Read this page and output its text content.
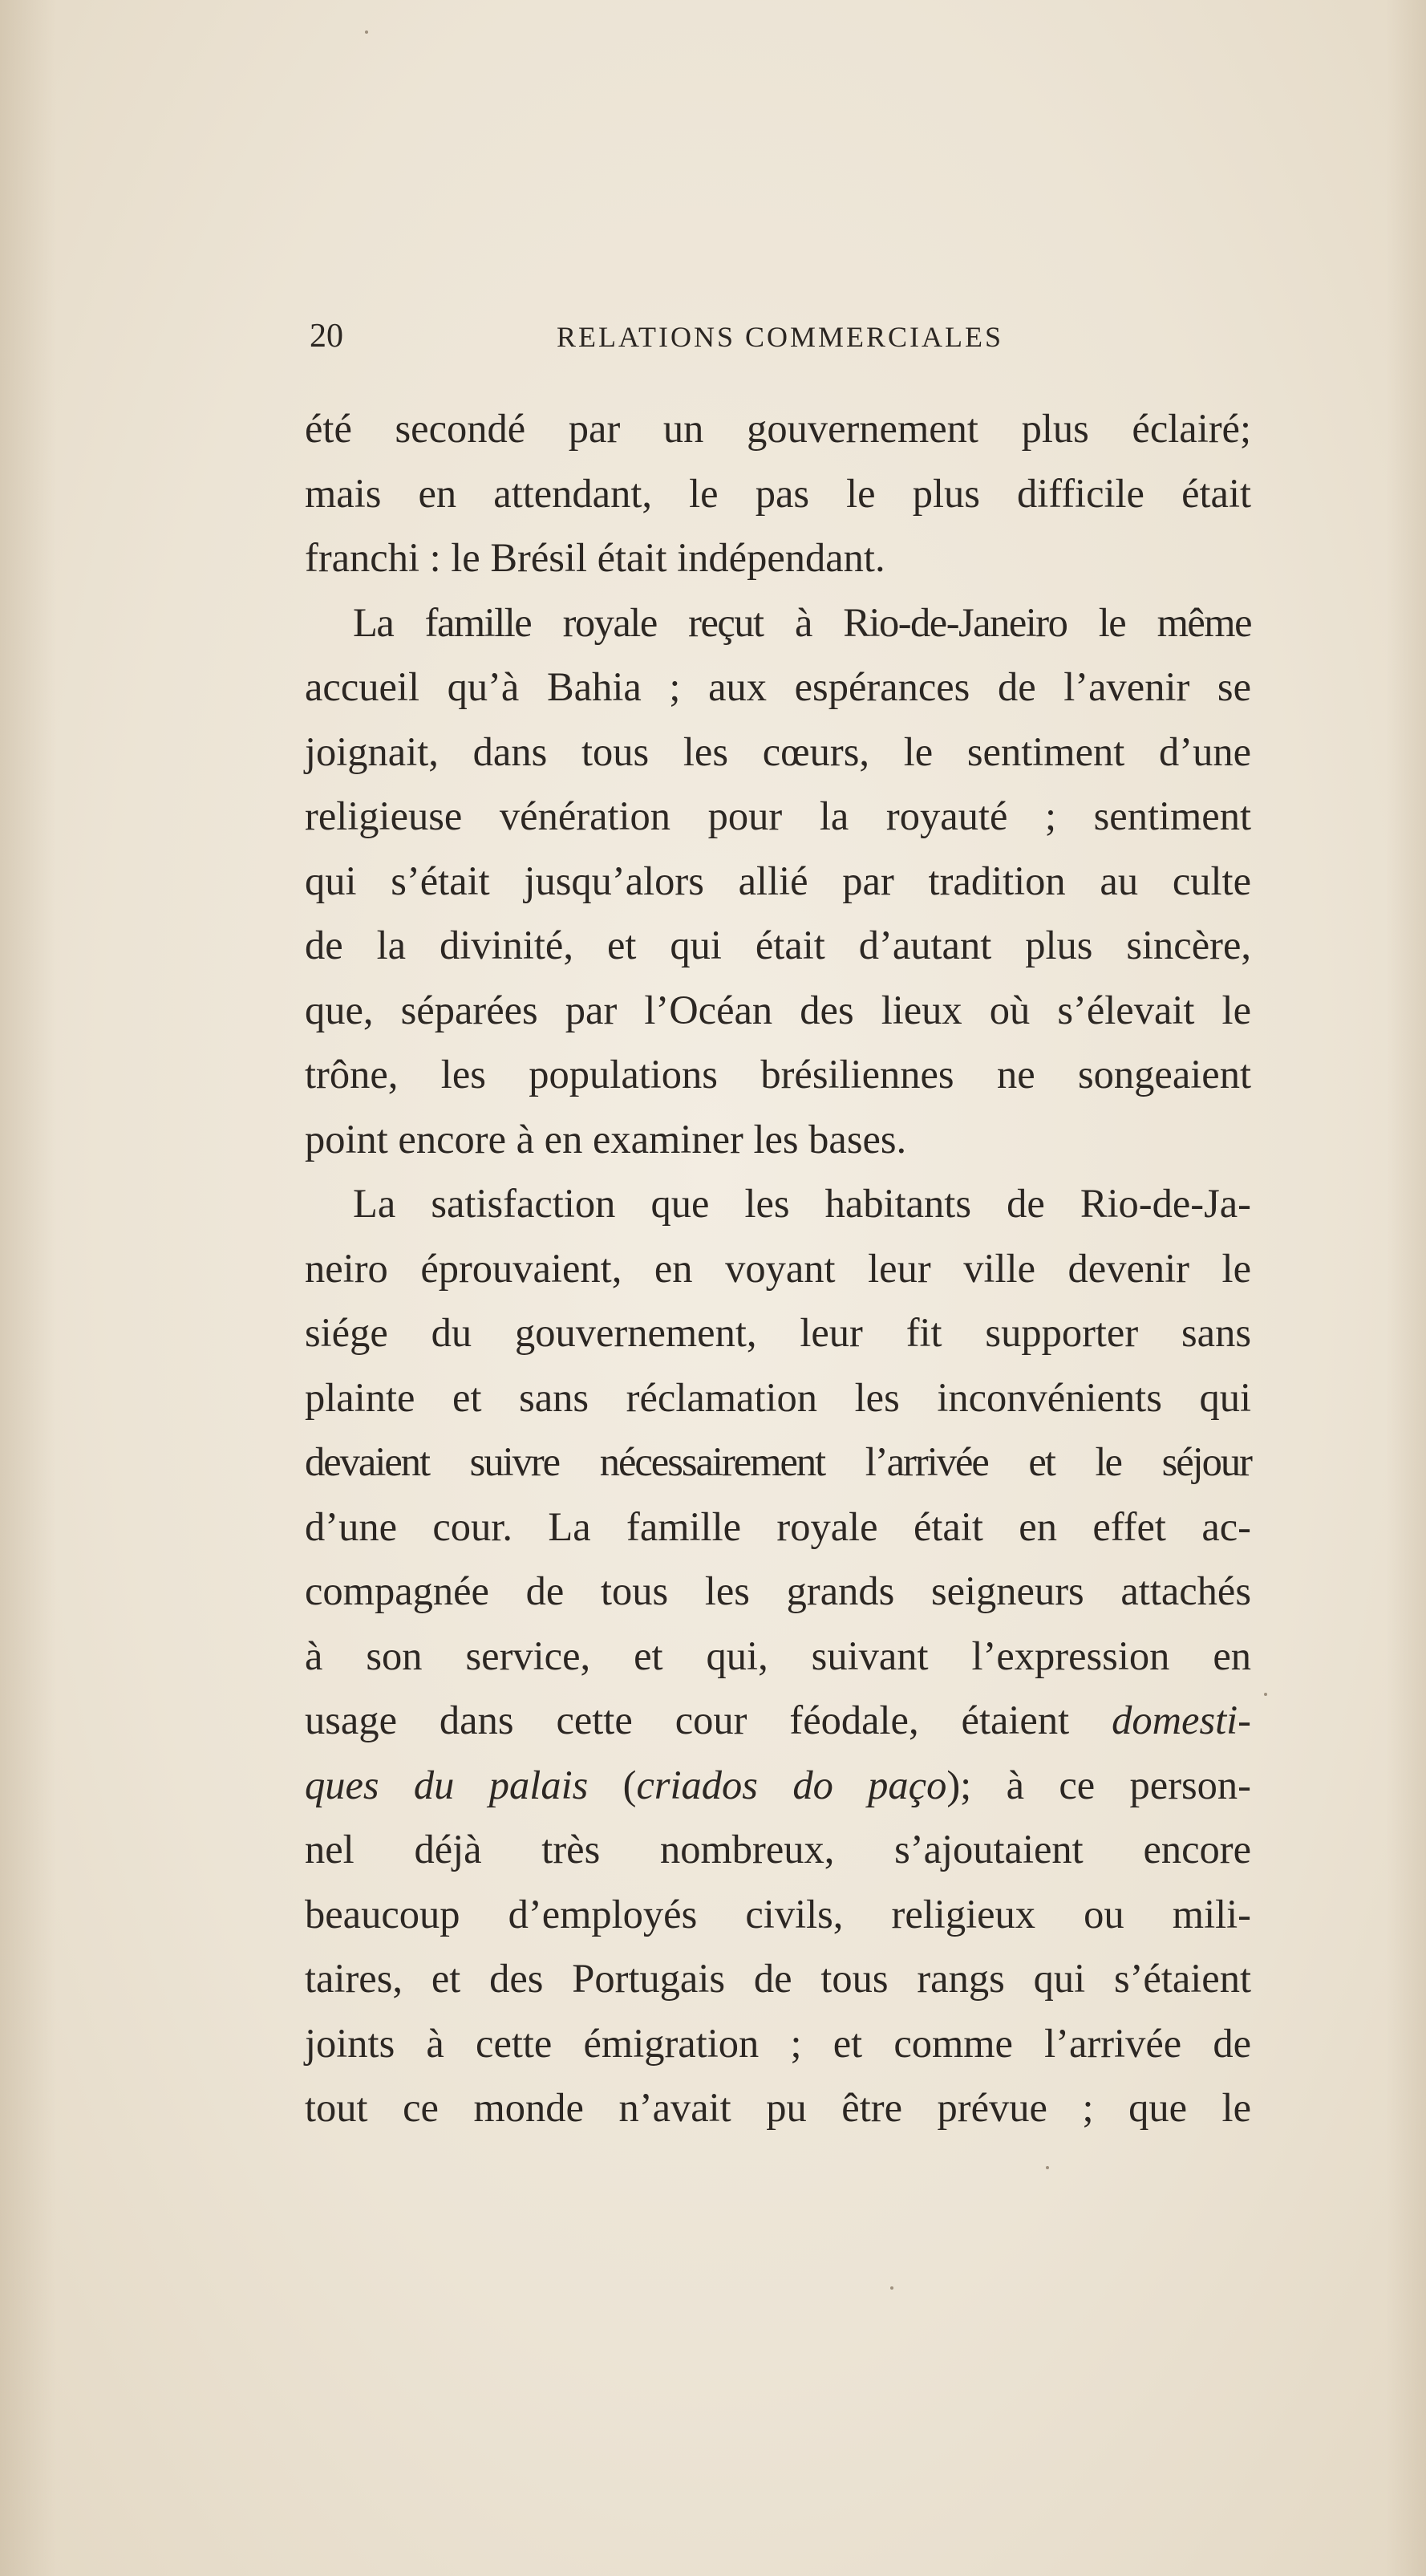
20	RELATIONS COMMERCIALES
été secondé par un gouvernement plus éclairé;
mais en attendant, le pas le plus difficile était
franchi : le Brésil était indépendant.
La famille royale reçut à Rio-de-Janeiro le même
accueil qu’à Bahia ; aux espérances de l’avenir se
joignait, dans tous les cœurs, le sentiment d’une
religieuse vénération pour la royauté ; sentiment
qui s’était jusqu’alors allié par tradition au culte
de la divinité, et qui était d’autant plus sincère,
que, séparées par l’Océan des lieux où s’élevait le
trône, les populations brésiliennes ne songeaient
point encore à en examiner les bases.
La satisfaction que les habitants de Rio-de-Ja-
neiro éprouvaient, en voyant leur ville devenir le
siége du gouvernement, leur fit supporter sans
plainte et sans réclamation les inconvénients qui
devaient suivre nécessairement l’arrivée et le séjour
d’une cour. La famille royale était en effet ac-
compagnée de tous les grands seigneurs attachés
à son service, et qui, suivant l’expression en
usage dans cette cour féodale, étaient domesti-
ques du palais (criados do paço); à ce person-
nel déjà très nombreux, s’ajoutaient encore
beaucoup d’employés civils, religieux ou mili-
taires, et des Portugais de tous rangs qui s’étaient
joints à cette émigration ; et comme l’arrivée de
tout ce monde n’avait pu être prévue ; que le
